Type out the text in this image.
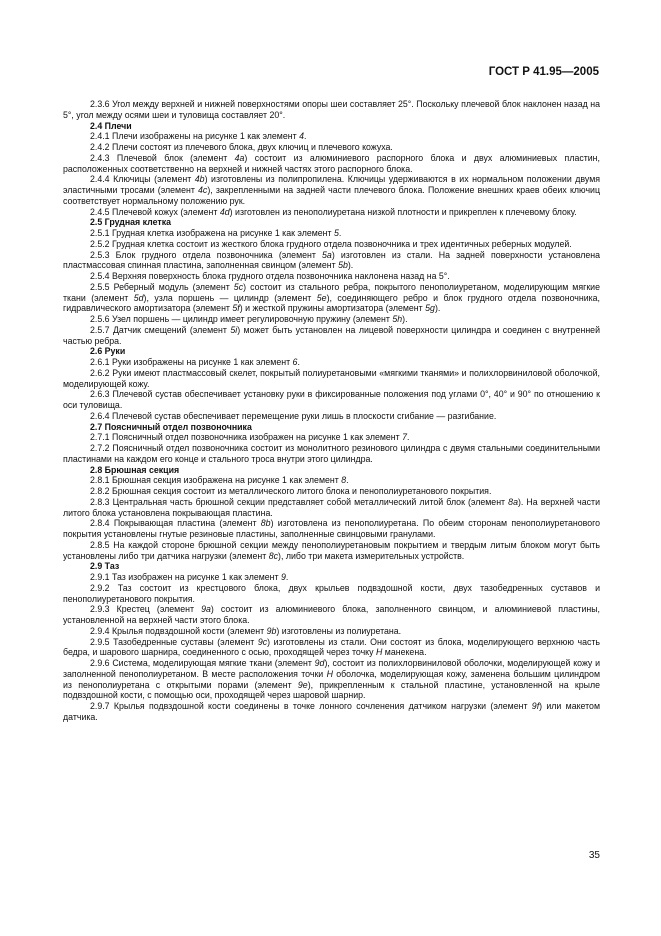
ГОСТ Р 41.95—2005

2.3.6 Угол между верхней и нижней поверхностями опоры шеи составляет 25°. Поскольку плечевой блок наклонен назад на 5°, угол между осями шеи и туловища составляет 20°.

2.4 Плечи

2.4.1 Плечи изображены на рисунке 1 как элемент 4.

2.4.2 Плечи состоят из плечевого блока, двух ключиц и плечевого кожуха.

2.4.3 Плечевой блок (элемент 4a) состоит из алюминиевого распорного блока и двух алюминиевых пластин, расположенных соответственно на верхней и нижней частях этого распорного блока.

2.4.4 Ключицы (элемент 4b) изготовлены из полипропилена. Ключицы удерживаются в их нормальном положении двумя эластичными тросами (элемент 4c), закрепленными на задней части плечевого блока. Положение внешних краев обеих ключиц соответствует нормальному положению рук.

2.4.5 Плечевой кожух (элемент 4d) изготовлен из пенополиуретана низкой плотности и прикреплен к плечевому блоку.

2.5 Грудная клетка

2.5.1 Грудная клетка изображена на рисунке 1 как элемент 5.

2.5.2 Грудная клетка состоит из жесткого блока грудного отдела позвоночника и трех идентичных реберных модулей.

2.5.3 Блок грудного отдела позвоночника (элемент 5a) изготовлен из стали. На задней поверхности установлена пластмассовая спинная пластина, заполненная свинцом (элемент 5b).

2.5.4 Верхняя поверхность блока грудного отдела позвоночника наклонена назад на 5°.

2.5.5 Реберный модуль (элемент 5c) состоит из стального ребра, покрытого пенополиуретаном, моделирующим мягкие ткани (элемент 5d), узла поршень — цилиндр (элемент 5e), соединяющего ребро и блок грудного отдела позвоночника, гидравлического амортизатора (элемент 5f) и жесткой пружины амортизатора (элемент 5g).

2.5.6 Узел поршень — цилиндр имеет регулировочную пружину (элемент 5h).

2.5.7 Датчик смещений (элемент 5i) может быть установлен на лицевой поверхности цилиндра и соединен с внутренней частью ребра.

2.6 Руки

2.6.1 Руки изображены на рисунке 1 как элемент 6.

2.6.2 Руки имеют пластмассовый скелет, покрытый полиуретановыми «мягкими тканями» и полихлорвиниловой оболочкой, моделирующей кожу.

2.6.3 Плечевой сустав обеспечивает установку руки в фиксированные положения под углами 0°, 40° и 90° по отношению к оси туловища.

2.6.4 Плечевой сустав обеспечивает перемещение руки лишь в плоскости сгибание — разгибание.

2.7 Поясничный отдел позвоночника

2.7.1 Поясничный отдел позвоночника изображен на рисунке 1 как элемент 7.

2.7.2 Поясничный отдел позвоночника состоит из монолитного резинового цилиндра с двумя стальными соединительными пластинами на каждом его конце и стального троса внутри этого цилиндра.

2.8 Брюшная секция

2.8.1 Брюшная секция изображена на рисунке 1 как элемент 8.

2.8.2 Брюшная секция состоит из металлического литого блока и пенополиуретанового покрытия.

2.8.3 Центральная часть брюшной секции представляет собой металлический литой блок (элемент 8a). На верхней части литого блока установлена покрывающая пластина.

2.8.4 Покрывающая пластина (элемент 8b) изготовлена из пенополиуретана. По обеим сторонам пенополиуретанового покрытия установлены гнутые резиновые пластины, заполненные свинцовыми гранулами.

2.8.5 На каждой стороне брюшной секции между пенополиуретановым покрытием и твердым литым блоком могут быть установлены либо три датчика нагрузки (элемент 8c), либо три макета измерительных устройств.

2.9 Таз

2.9.1 Таз изображен на рисунке 1 как элемент 9.

2.9.2 Таз состоит из крестцового блока, двух крыльев подвздошной кости, двух тазобедренных суставов и пенополиуретанового покрытия.

2.9.3 Крестец (элемент 9a) состоит из алюминиевого блока, заполненного свинцом, и алюминиевой пластины, установленной на верхней части этого блока.

2.9.4 Крылья подвздошной кости (элемент 9b) изготовлены из полиуретана.

2.9.5 Тазобедренные суставы (элемент 9c) изготовлены из стали. Они состоят из блока, моделирующего верхнюю часть бедра, и шарового шарнира, соединенного с осью, проходящей через точку H манекена.

2.9.6 Система, моделирующая мягкие ткани (элемент 9d), состоит из полихлорвиниловой оболочки, моделирующей кожу и заполненной пенополиуретаном. В месте расположения точки H оболочка, моделирующая кожу, заменена большим цилиндром из пенополиуретана с открытыми порами (элемент 9e), прикрепленным к стальной пластине, установленной на крыле подвздошной кости, с помощью оси, проходящей через шаровой шарнир.

2.9.7 Крылья подвздошной кости соединены в точке лонного сочленения датчиком нагрузки (элемент 9f) или макетом датчика.

35
